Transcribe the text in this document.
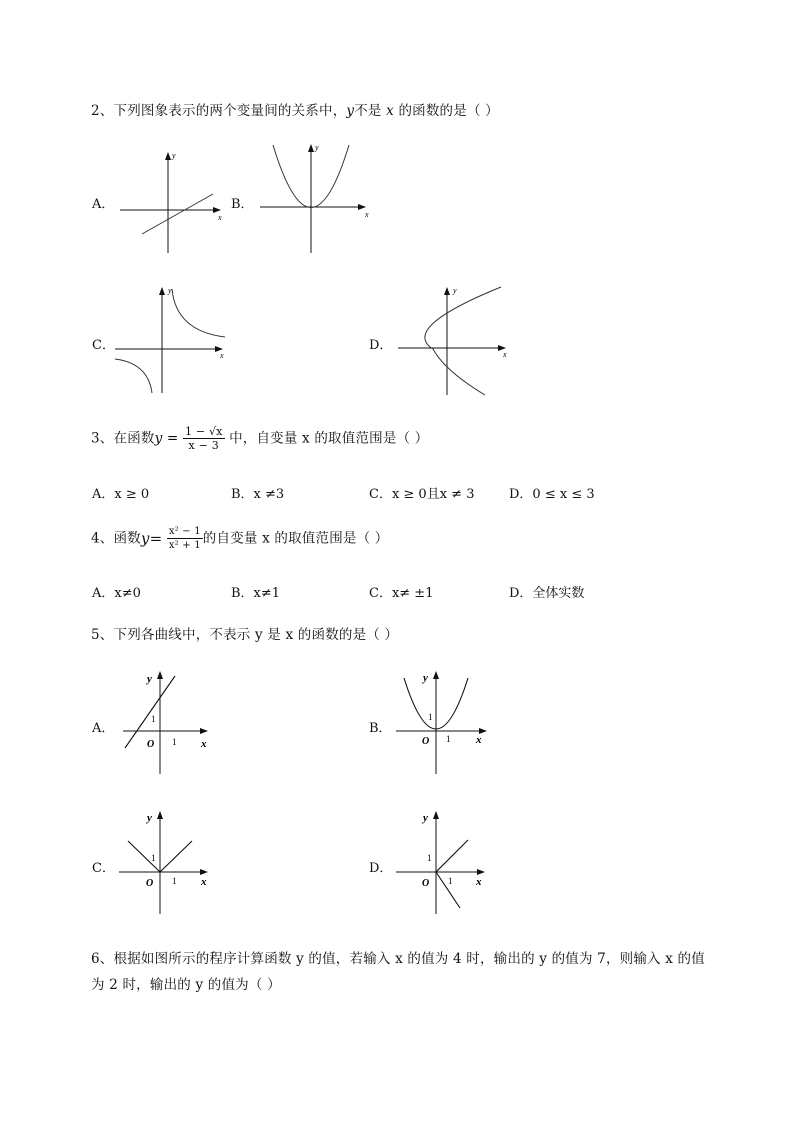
2、下列图象表示的两个变量间的关系中，y不是 x 的函数的是（ ）
A．
x
y
B．
x
y
C．
x
y
D．
x
y
3、在函数$y = \frac{1 - √x}{x - 3}$ 中，自变量 x 的取值范围是（ ）
A．x ≥ 0	B．x ≠3	C．x ≥ 0且x ≠ 3	D．0 ≤ x ≤ 3
4、函数$y= \frac{\text{x² − 1}}{\text{x² + 1}}$ 的自变量 x 的取值范围是（ ）
A．x≠0	B．x≠1	C．x≠ ±1	D．全体实数
5、下列各曲线中，不表示 y 是 x 的函数的是（ ）
A．
y
x
O 1
1
B．
y
x
O 1
1
C．
y
x
O 1
1
D．
y
x
O 1
1
6、根据如图所示的程序计算函数 y 的值，若输入 x 的值为 4 时，输出的 y 的值为 7，则输入 x 的值
为 2 时，输出的 y 的值为（ ）
